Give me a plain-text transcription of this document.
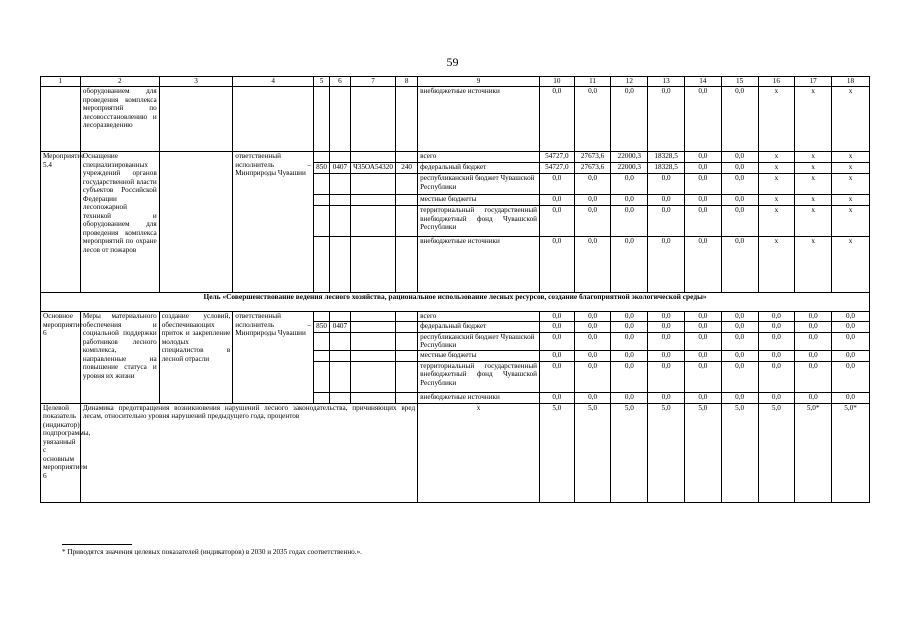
59
1	2	3	4	5	6	7	8	9	10	11	12	13	14	15	16	17	18
	оборудованием для проведения комплекса мероприятий по лесовосстановлению и лесоразведению							внебюджетные источники	0,0	0,0	0,0	0,0	0,0	0,0	x	x	x
Мероприятие 5.4	Оснащение специализированных учреждений органов государственной власти субъектов Российской Федерации лесопожарной техникой и оборудованием для проведения комплекса мероприятий по охране лесов от пожаров		ответственный исполнитель – Минприроды Чувашии					всего	54727,0	27673,6	22000,3	18328,5	0,0	0,0	x	x	x
				850	0407	Ч35ОА54320	240	федеральный бюджет	54727,0	27673,6	22000,3	18328,5	0,0	0,0	x	x	x
								республиканский бюджет Чувашской Республики	0,0	0,0	0,0	0,0	0,0	0,0	x	x	x
								местные бюджеты	0,0	0,0	0,0	0,0	0,0	0,0	x	x	x
								территориальный государственный внебюджетный фонд Чувашской Республики	0,0	0,0	0,0	0,0	0,0	0,0	x	x	x
								внебюджетные источники	0,0	0,0	0,0	0,0	0,0	0,0	x	x	x
Цель «Совершенствование ведения лесного хозяйства, рациональное использование лесных ресурсов, создание благоприятной экологической среды»																	
Основное мероприятие 6	Меры материального обеспечения и социальной поддержки работников лесного комплекса, направленные на повышение статуса и уровня их жизни	создание условий, обеспечивающих приток и закрепление молодых специалистов в лесной отрасли	ответственный исполнитель – Минприроды Чувашии					всего	0,0	0,0	0,0	0,0	0,0	0,0	0,0	0,0	0,0
				850	0407			федеральный бюджет	0,0	0,0	0,0	0,0	0,0	0,0	0,0	0,0	0,0
								республиканский бюджет Чувашской Республики	0,0	0,0	0,0	0,0	0,0	0,0	0,0	0,0	0,0
								местные бюджеты	0,0	0,0	0,0	0,0	0,0	0,0	0,0	0,0	0,0
								территориальный государственный внебюджетный фонд Чувашской Республики	0,0	0,0	0,0	0,0	0,0	0,0	0,0	0,0	0,0
								внебюджетные источники	0,0	0,0	0,0	0,0	0,0	0,0	0,0	0,0	0,0
Целевой показатель (индикатор) подпрограммы, увязанный с основным мероприятием 6	Динамика предотвращения возникновения нарушений лесного законодательства, причиняющих вред лесам, относительно уровня нарушений предыдущего года, процентов							x	5,0	5,0	5,0	5,0	5,0	5,0	5,0	5,0*	5,0*
* Приводятся значения целевых показателей (индикаторов) в 2030 и 2035 годах соответственно.».
